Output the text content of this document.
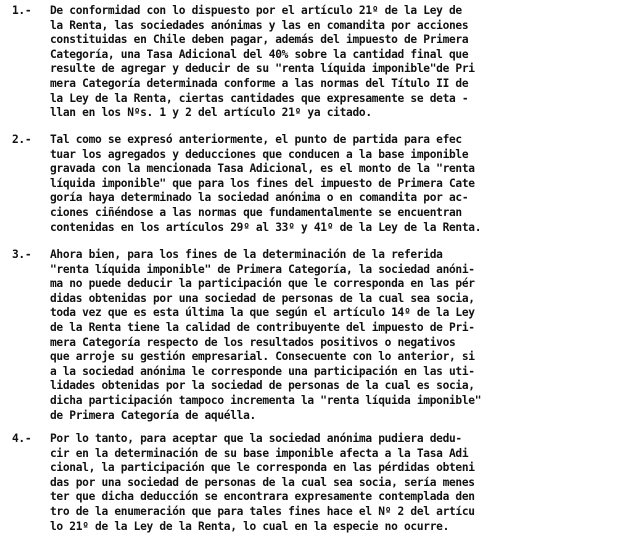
1.-	De conformidad con lo dispuesto por el artículo 21º de la Ley de
la Renta, las sociedades anónimas y las en comandita por acciones
constituidas en Chile deben pagar, además del impuesto de Primera
Categoría, una Tasa Adicional del 40% sobre la cantidad final que
resulte de agregar y deducir de su "renta líquida imponible"de Pri
mera Categoría determinada conforme a las normas del Título II de
la Ley de la Renta, ciertas cantidades que expresamente se deta -
llan en los Nºs. 1 y 2 del artículo 21º ya citado.
2.-	Tal como se expresó anteriormente, el punto de partida para efec
tuar los agregados y deducciones que conducen a la base imponible
gravada con la mencionada Tasa Adicional, es el monto de la "renta
líquida imponible" que para los fines del impuesto de Primera Cate
goría haya determinado la sociedad anónima o en comandita por ac-
ciones ciñéndose a las normas que fundamentalmente se encuentran
contenidas en los artículos 29º al 33º y 41º de la Ley de la Renta.
3.-	Ahora bien, para los fines de la determinación de la referida
"renta líquida imponible" de Primera Categoría, la sociedad anóni-
ma no puede deducir la participación que le corresponda en las pér
didas obtenidas por una sociedad de personas de la cual sea socia,
toda vez que es esta última la que según el artículo 14º de la Ley
de la Renta tiene la calidad de contribuyente del impuesto de Pri-
mera Categoría respecto de los resultados positivos o negativos
que arroje su gestión empresarial. Consecuente con lo anterior, si
a la sociedad anónima le corresponde una participación en las uti-
lidades obtenidas por la sociedad de personas de la cual es socia,
dicha participación tampoco incrementa la "renta líquida imponible"
de Primera Categoría de aquélla.
4.-	Por lo tanto, para aceptar que la sociedad anónima pudiera dedu-
cir en la determinación de su base imponible afecta a la Tasa Adi
cional, la participación que le corresponda en las pérdidas obteni
das por una sociedad de personas de la cual sea socia, sería menes
ter que dicha deducción se encontrara expresamente contemplada den
tro de la enumeración que para tales fines hace el Nº 2 del artícu
lo 21º de la Ley de la Renta, lo cual en la especie no ocurre.
